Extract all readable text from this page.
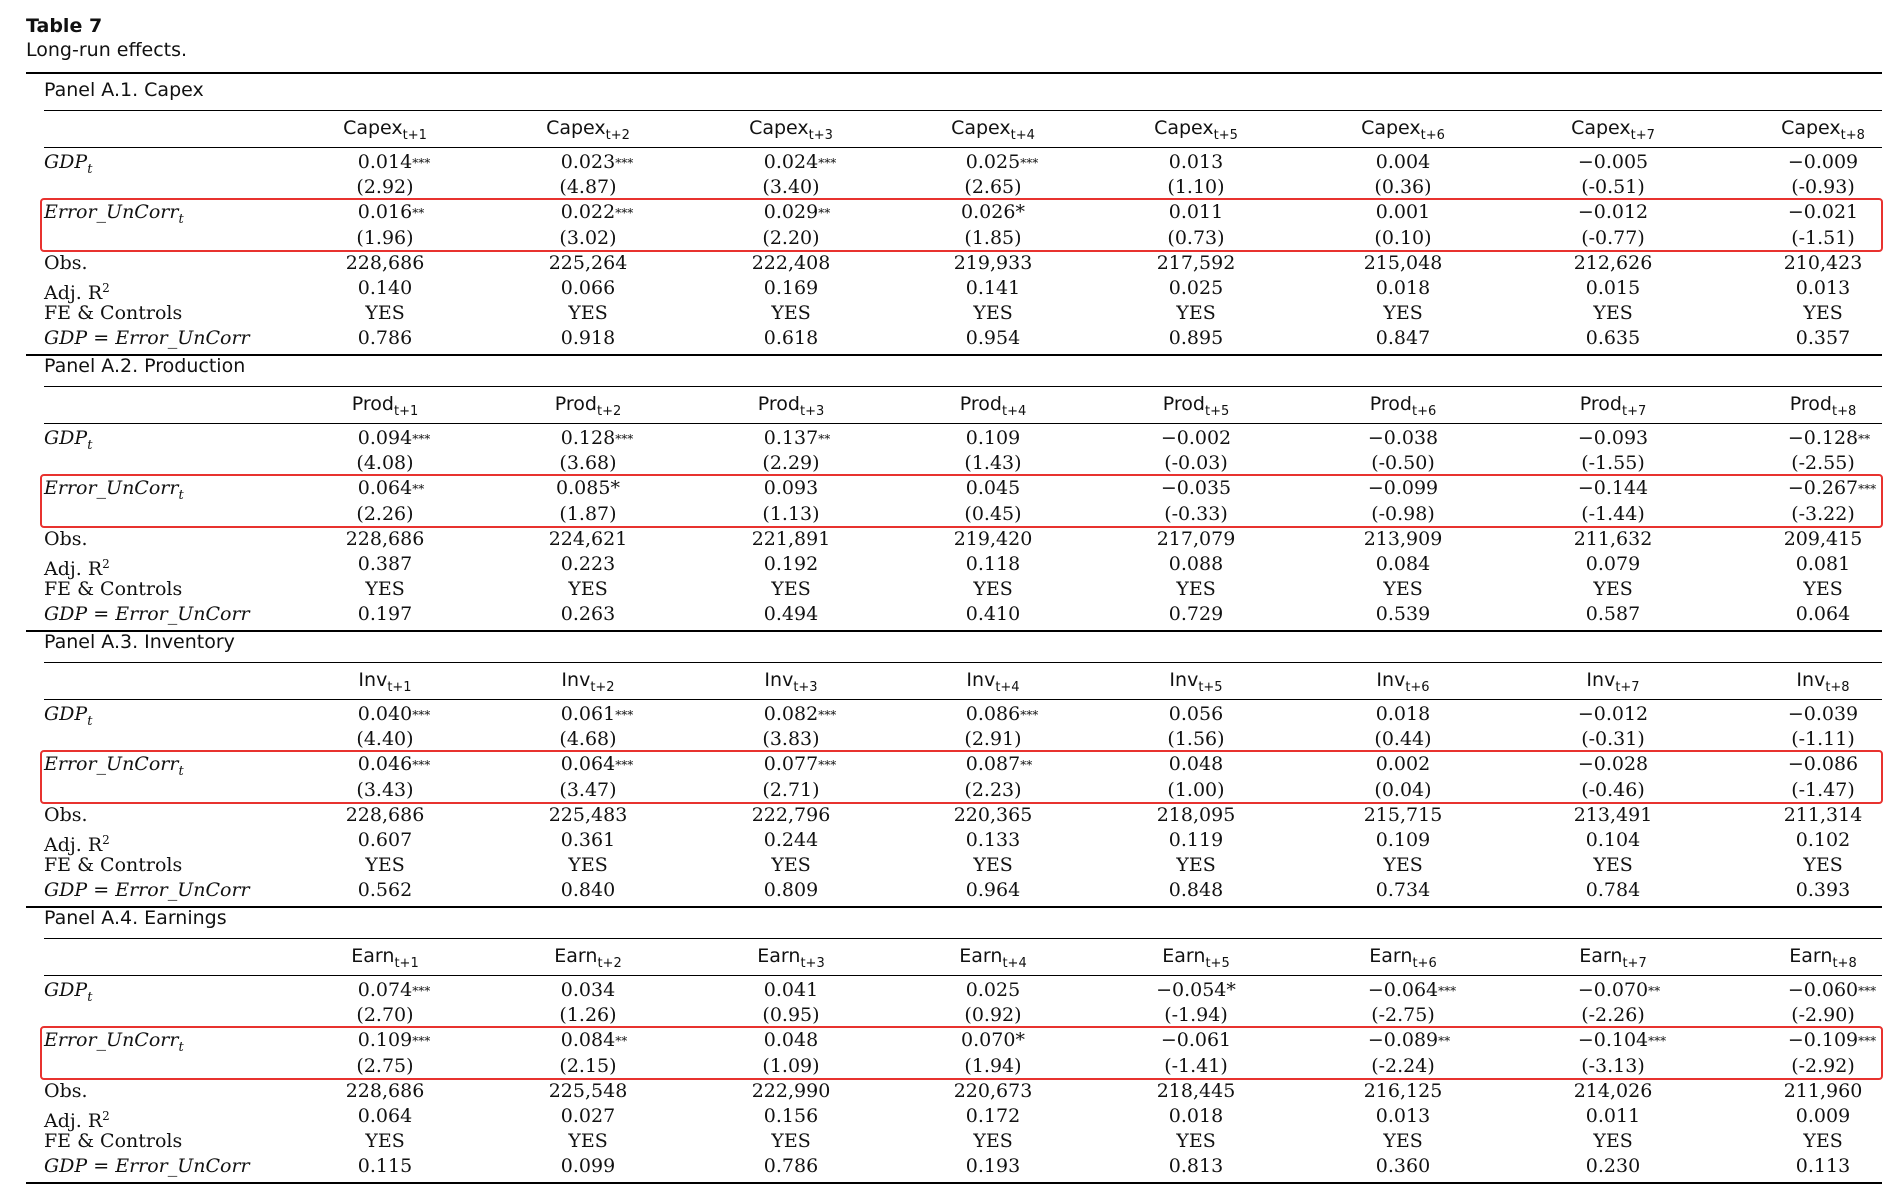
Table 7
Long-run effects.
Panel A.1. Capex
Capex$_{t+1}$	Capex$_{t+2}$	Capex$_{t+3}$	Capex$_{t+4}$	Capex$_{t+5}$	Capex$_{t+6}$	Capex$_{t+7}$	Capex$_{t+8}$
$GDP_t$	0.014 ***	0.023 ***	0.024 ***	0.025 ***	0.013	0.004	−0.005	−0.009
(2.92)	(4.87)	(3.40)	(2.65)	(1.10)	(0.36)	(-0.51)	(-0.93)
Error_UnCorr$_t$	0.016 **	0.022 ***	0.029 **	0.026*	0.011	0.001	−0.012	−0.021
(1.96)	(3.02)	(2.20)	(1.85)	(0.73)	(0.10)	(-0.77)	(-1.51)
Obs.	228,686	225,264	222,408	219,933	217,592	215,048	212,626	210,423
Adj. $R^2$	0.140	0.066	0.169	0.141	0.025	0.018	0.015	0.013
FE & Controls	YES	YES	YES	YES	YES	YES	YES	YES
GDP = Error_UnCorr	0.786	0.918	0.618	0.954	0.895	0.847	0.635	0.357
Panel A.2. Production
Prod$_{t+1}$	Prod$_{t+2}$	Prod$_{t+3}$	Prod$_{t+4}$	Prod$_{t+5}$	Prod$_{t+6}$	Prod$_{t+7}$	Prod$_{t+8}$
$GDP_t$	0.094 ***	0.128 ***	0.137 **	0.109	−0.002	−0.038	−0.093	−0.128 **
(4.08)	(3.68)	(2.29)	(1.43)	(-0.03)	(-0.50)	(-1.55)	(-2.55)
Error_UnCorr$_t$	0.064 **	0.085*	0.093	0.045	−0.035	−0.099	−0.144	−0.267 ***
(2.26)	(1.87)	(1.13)	(0.45)	(-0.33)	(-0.98)	(-1.44)	(-3.22)
Obs.	228,686	224,621	221,891	219,420	217,079	213,909	211,632	209,415
Adj. $R^2$	0.387	0.223	0.192	0.118	0.088	0.084	0.079	0.081
FE & Controls	YES	YES	YES	YES	YES	YES	YES	YES
GDP = Error_UnCorr	0.197	0.263	0.494	0.410	0.729	0.539	0.587	0.064
Panel A.3. Inventory
Inv$_{t+1}$	Inv$_{t+2}$	Inv$_{t+3}$	Inv$_{t+4}$	Inv$_{t+5}$	Inv$_{t+6}$	Inv$_{t+7}$	Inv$_{t+8}$
$GDP_t$	0.040 ***	0.061 ***	0.082 ***	0.086 ***	0.056	0.018	−0.012	−0.039
(4.40)	(4.68)	(3.83)	(2.91)	(1.56)	(0.44)	(-0.31)	(-1.11)
Error_UnCorr$_t$	0.046 ***	0.064 ***	0.077 ***	0.087 **	0.048	0.002	−0.028	−0.086
(3.43)	(3.47)	(2.71)	(2.23)	(1.00)	(0.04)	(-0.46)	(-1.47)
Obs.	228,686	225,483	222,796	220,365	218,095	215,715	213,491	211,314
Adj. $R^2$	0.607	0.361	0.244	0.133	0.119	0.109	0.104	0.102
FE & Controls	YES	YES	YES	YES	YES	YES	YES	YES
GDP = Error_UnCorr	0.562	0.840	0.809	0.964	0.848	0.734	0.784	0.393
Panel A.4. Earnings
Earn$_{t+1}$	Earn$_{t+2}$	Earn$_{t+3}$	Earn$_{t+4}$	Earn$_{t+5}$	Earn$_{t+6}$	Earn$_{t+7}$	Earn$_{t+8}$
$GDP_t$	0.074 ***	0.034	0.041	0.025	−0.054*	−0.064 ***	−0.070 **	−0.060 ***
(2.70)	(1.26)	(0.95)	(0.92)	(-1.94)	(-2.75)	(-2.26)	(-2.90)
Error_UnCorr$_t$	0.109 ***	0.084 **	0.048	0.070*	−0.061	−0.089 **	−0.104 ***	−0.109 ***
(2.75)	(2.15)	(1.09)	(1.94)	(-1.41)	(-2.24)	(-3.13)	(-2.92)
Obs.	228,686	225,548	222,990	220,673	218,445	216,125	214,026	211,960
Adj. $R^2$	0.064	0.027	0.156	0.172	0.018	0.013	0.011	0.009
FE & Controls	YES	YES	YES	YES	YES	YES	YES	YES
GDP = Error_UnCorr	0.115	0.099	0.786	0.193	0.813	0.360	0.230	0.113
